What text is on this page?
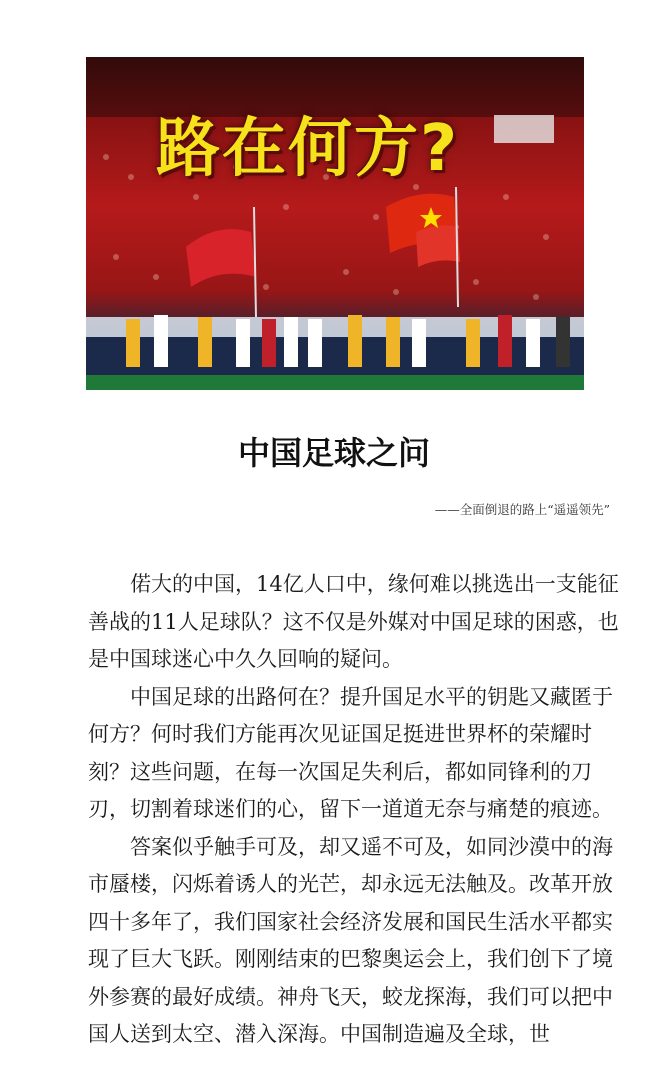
路在何方?
中国足球之问
——全面倒退的路上“遥遥领先”

偌大的中国，14亿人口中，缘何难以挑选出一支能征善战的11人足球队？这不仅是外媒对中国足球的困惑，也是中国球迷心中久久回响的疑问。

中国足球的出路何在？提升国足水平的钥匙又藏匿于何方？何时我们方能再次见证国足挺进世界杯的荣耀时刻？这些问题，在每一次国足失利后，都如同锋利的刀刃，切割着球迷们的心，留下一道道无奈与痛楚的痕迹。

答案似乎触手可及，却又遥不可及，如同沙漠中的海市蜃楼，闪烁着诱人的光芒，却永远无法触及。改革开放四十多年了，我们国家社会经济发展和国民生活水平都实现了巨大飞跃。刚刚结束的巴黎奥运会上，我们创下了境外参赛的最好成绩。神舟飞天，蛟龙探海，我们可以把中国人送到太空、潜入深海。中国制造遍及全球，世
